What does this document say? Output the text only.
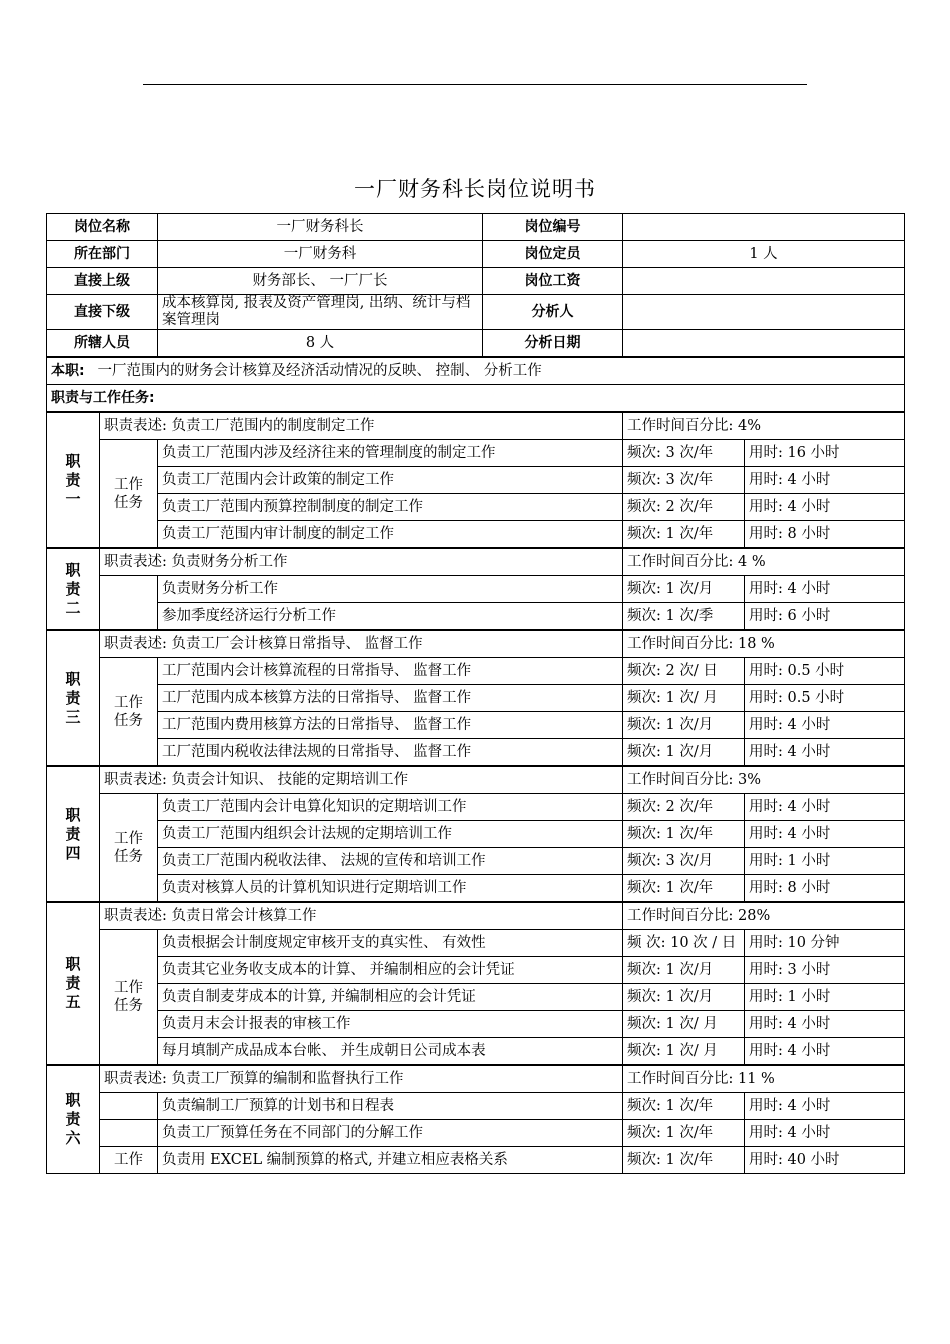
一厂财务科长岗位说明书
岗位名称		一厂财务科长	岗位编号		
所在部门		一厂财务科	岗位定员	1 人	
直接上级		财务部长、 一厂厂长	岗位工资		
直接下级		成本核算岗, 报表及资产管理岗, 出纳、统计与档案管理岗	分析人		
所辖人员		8 人	分析日期		
本职: 一厂范围内的财务会计核算及经济活动情况的反映、 控制、 分析工作					
职责与工作任务:					

职责一	职责表述: 负责工厂范围内的制度制定工作			工作时间百分比: 4%	

	工作任务	负责工厂范围内涉及经济往来的管理制度的制定工作		频次: 3 次/年	用时: 16 小时
		负责工厂范围内会计政策的制定工作		频次: 3 次/年	用时: 4 小时
		负责工厂范围内预算控制制度的制定工作		频次: 2 次/年	用时: 4 小时
		负责工厂范围内审计制度的制定工作		频次: 1 次/年	用时: 8 小时

职责二	职责表述: 负责财务分析工作			工作时间百分比: 4 %	
		负责财务分析工作		频次: 1 次/月	用时: 4 小时
		参加季度经济运行分析工作		频次: 1 次/季	用时: 6 小时

职责三	职责表述: 负责工厂会计核算日常指导、 监督工作			工作时间百分比: 18 %	

	工作任务	工厂范围内会计核算流程的日常指导、 监督工作		频次: 2 次/ 日	用时: 0.5 小时
		工厂范围内成本核算方法的日常指导、 监督工作		频次: 1 次/ 月	用时: 0.5 小时
		工厂范围内费用核算方法的日常指导、 监督工作		频次: 1 次/月	用时: 4 小时
		工厂范围内税收法律法规的日常指导、 监督工作		频次: 1 次/月	用时: 4 小时

职责四	职责表述: 负责会计知识、 技能的定期培训工作			工作时间百分比: 3%	

	工作任务	负责工厂范围内会计电算化知识的定期培训工作		频次: 2 次/年	用时: 4 小时
		负责工厂范围内组织会计法规的定期培训工作		频次: 1 次/年	用时: 4 小时
		负责工厂范围内税收法律、 法规的宣传和培训工作		频次: 3 次/月	用时: 1 小时
		负责对核算人员的计算机知识进行定期培训工作		频次: 1 次/年	用时: 8 小时

职责五	职责表述: 负责日常会计核算工作			工作时间百分比: 28%	

	工作任务	负责根据会计制度规定审核开支的真实性、 有效性		频 次: 10 次 / 日	用时: 10 分钟
		负责其它业务收支成本的计算、 并编制相应的会计凭证		频次: 1 次/月	用时: 3 小时
		负责自制麦芽成本的计算, 并编制相应的会计凭证		频次: 1 次/月	用时: 1 小时
		负责月末会计报表的审核工作		频次: 1 次/ 月	用时: 4 小时
		每月填制产成品成本台帐、 并生成朝日公司成本表		频次: 1 次/ 月	用时: 4 小时

职责六	职责表述: 负责工厂预算的编制和监督执行工作			工作时间百分比: 11 %	
		负责编制工厂预算的计划书和日程表		频次: 1 次/年	用时: 4 小时
		负责工厂预算任务在不同部门的分解工作		频次: 1 次/年	用时: 4 小时
	工作	负责用 EXCEL 编制预算的格式, 并建立相应表格关系		频次: 1 次/年	用时: 40 小时
